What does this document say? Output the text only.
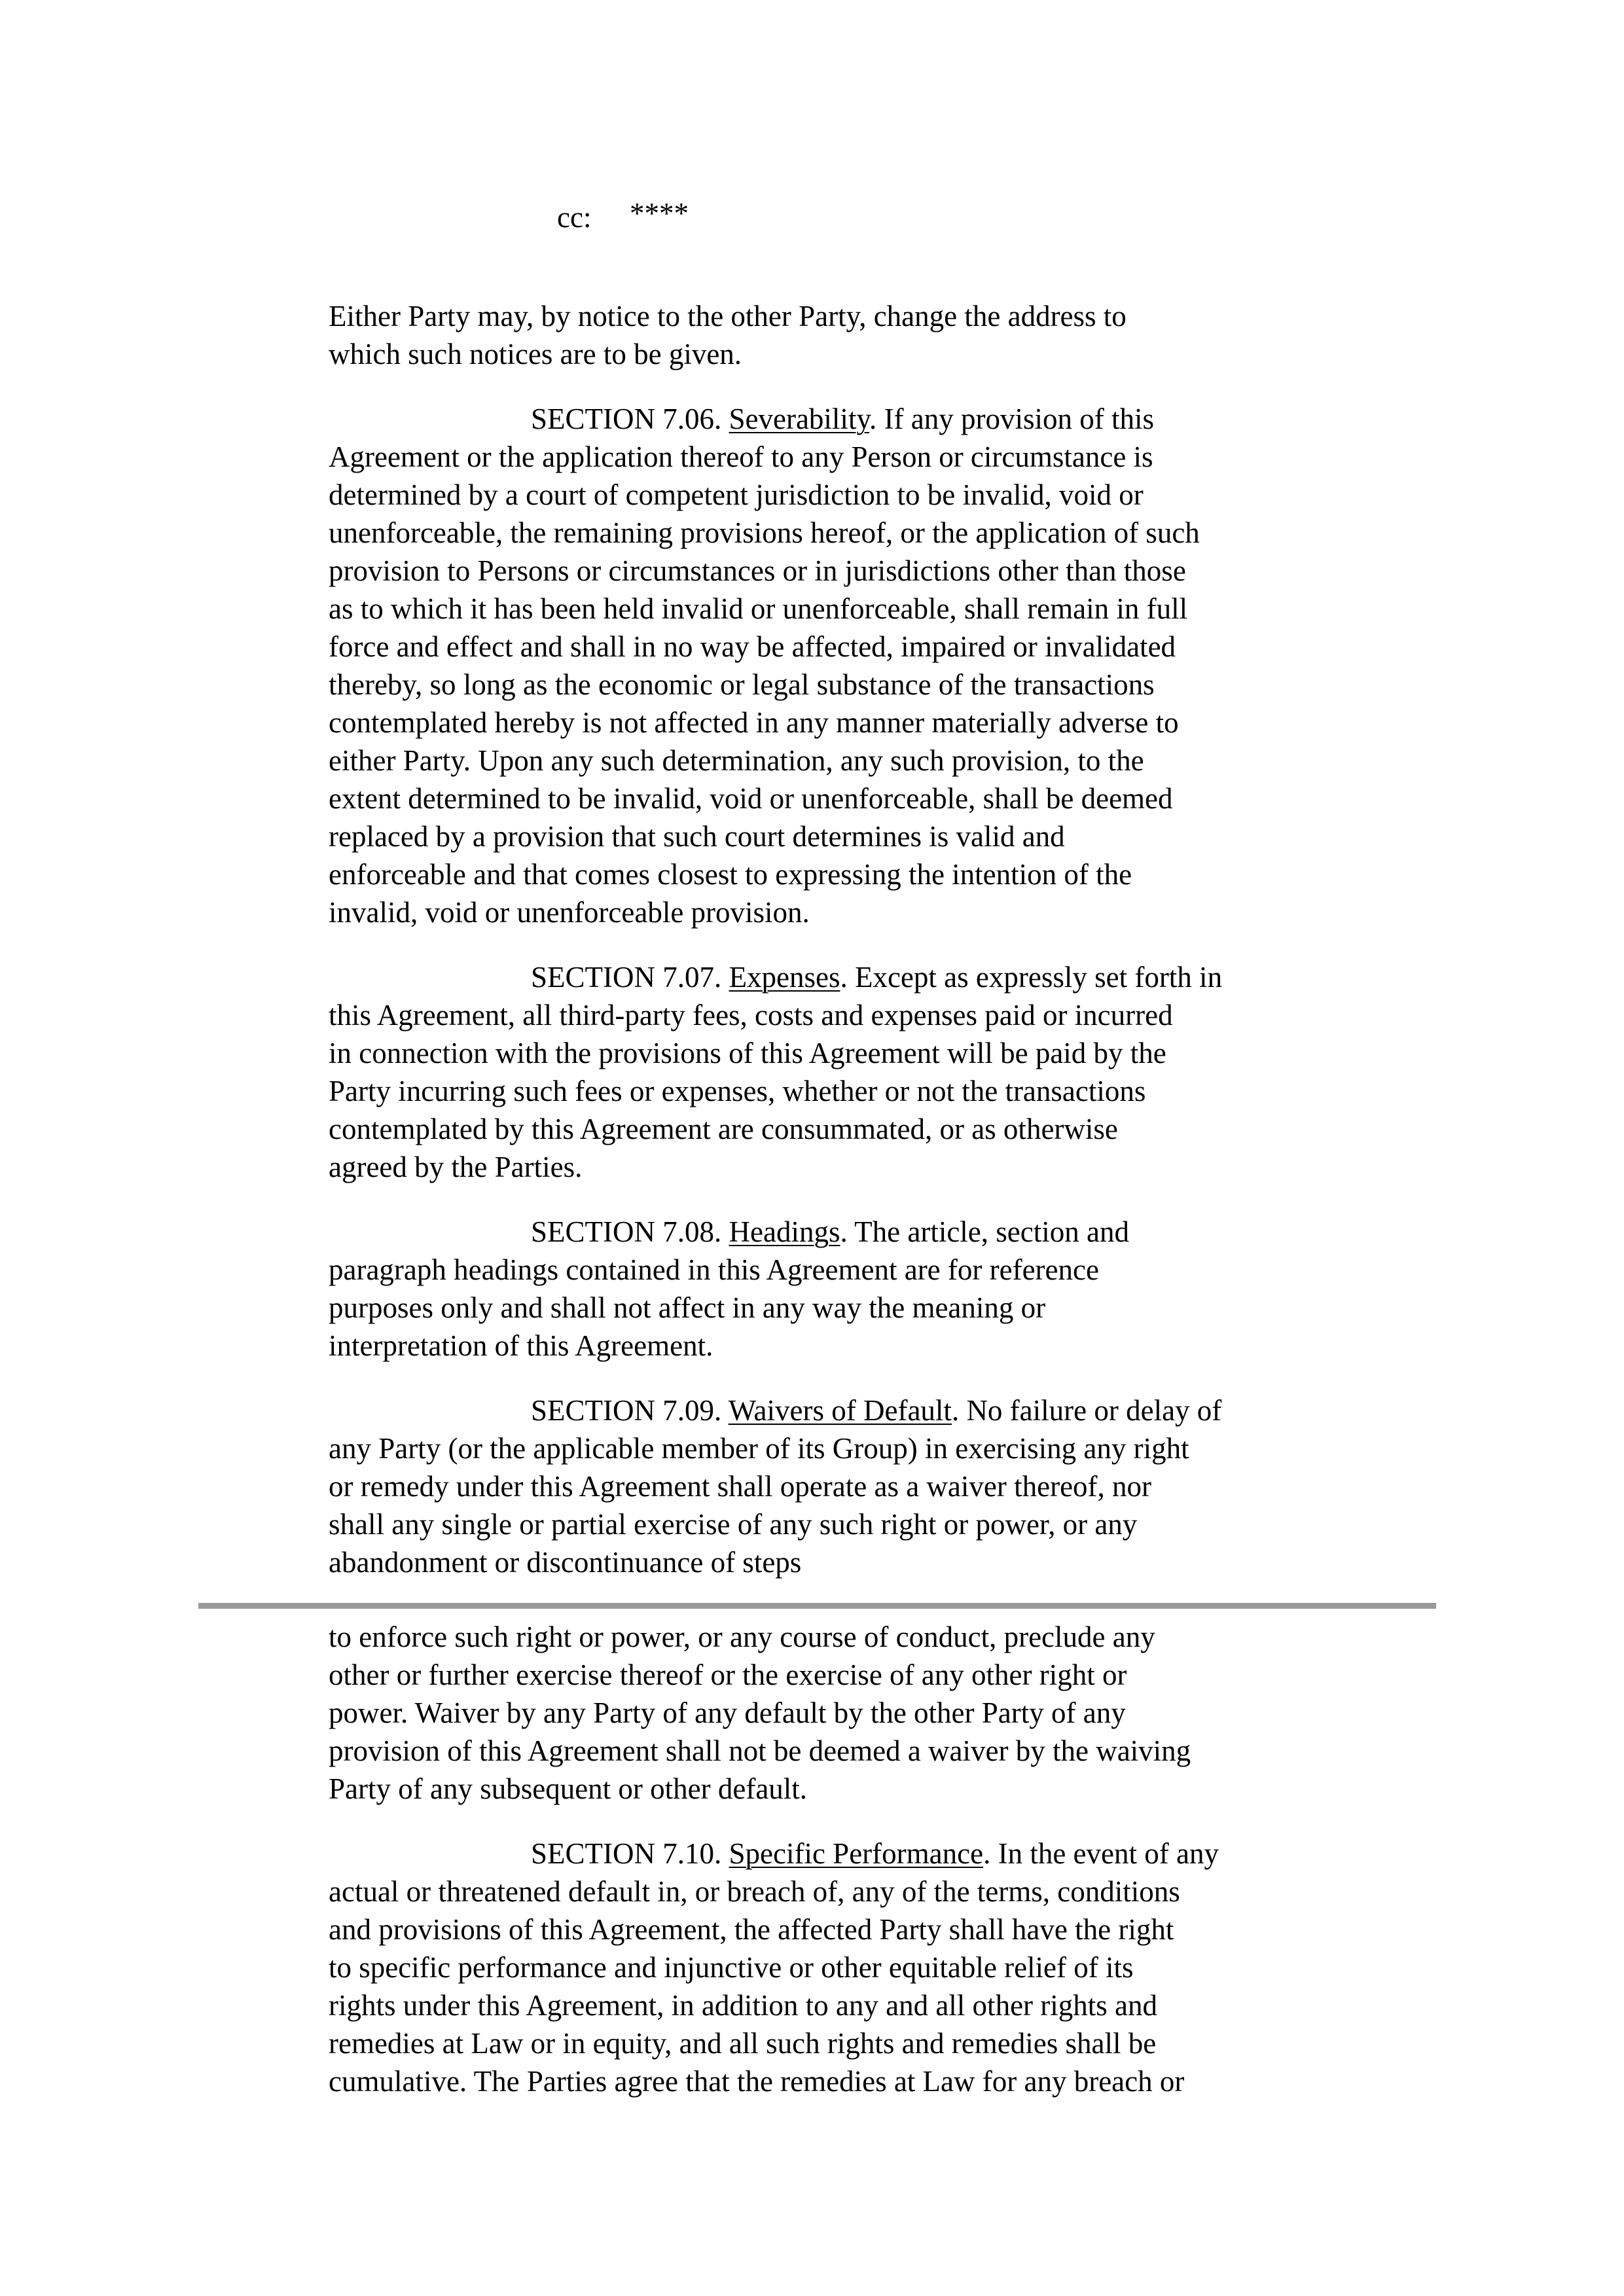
cc: ****
Either Party may, by notice to the other Party, change the address to
which such notices are to be given.
SECTION 7.06. Severability. If any provision of this
Agreement or the application thereof to any Person or circumstance is
determined by a court of competent jurisdiction to be invalid, void or
unenforceable, the remaining provisions hereof, or the application of such
provision to Persons or circumstances or in jurisdictions other than those
as to which it has been held invalid or unenforceable, shall remain in full
force and effect and shall in no way be affected, impaired or invalidated
thereby, so long as the economic or legal substance of the transactions
contemplated hereby is not affected in any manner materially adverse to
either Party. Upon any such determination, any such provision, to the
extent determined to be invalid, void or unenforceable, shall be deemed
replaced by a provision that such court determines is valid and
enforceable and that comes closest to expressing the intention of the
invalid, void or unenforceable provision.
SECTION 7.07. Expenses. Except as expressly set forth in
this Agreement, all third-party fees, costs and expenses paid or incurred
in connection with the provisions of this Agreement will be paid by the
Party incurring such fees or expenses, whether or not the transactions
contemplated by this Agreement are consummated, or as otherwise
agreed by the Parties.
SECTION 7.08. Headings. The article, section and
paragraph headings contained in this Agreement are for reference
purposes only and shall not affect in any way the meaning or
interpretation of this Agreement.
SECTION 7.09. Waivers of Default. No failure or delay of
any Party (or the applicable member of its Group) in exercising any right
or remedy under this Agreement shall operate as a waiver thereof, nor
shall any single or partial exercise of any such right or power, or any
abandonment or discontinuance of steps
to enforce such right or power, or any course of conduct, preclude any
other or further exercise thereof or the exercise of any other right or
power. Waiver by any Party of any default by the other Party of any
provision of this Agreement shall not be deemed a waiver by the waiving
Party of any subsequent or other default.
SECTION 7.10. Specific Performance. In the event of any
actual or threatened default in, or breach of, any of the terms, conditions
and provisions of this Agreement, the affected Party shall have the right
to specific performance and injunctive or other equitable relief of its
rights under this Agreement, in addition to any and all other rights and
remedies at Law or in equity, and all such rights and remedies shall be
cumulative. The Parties agree that the remedies at Law for any breach or
